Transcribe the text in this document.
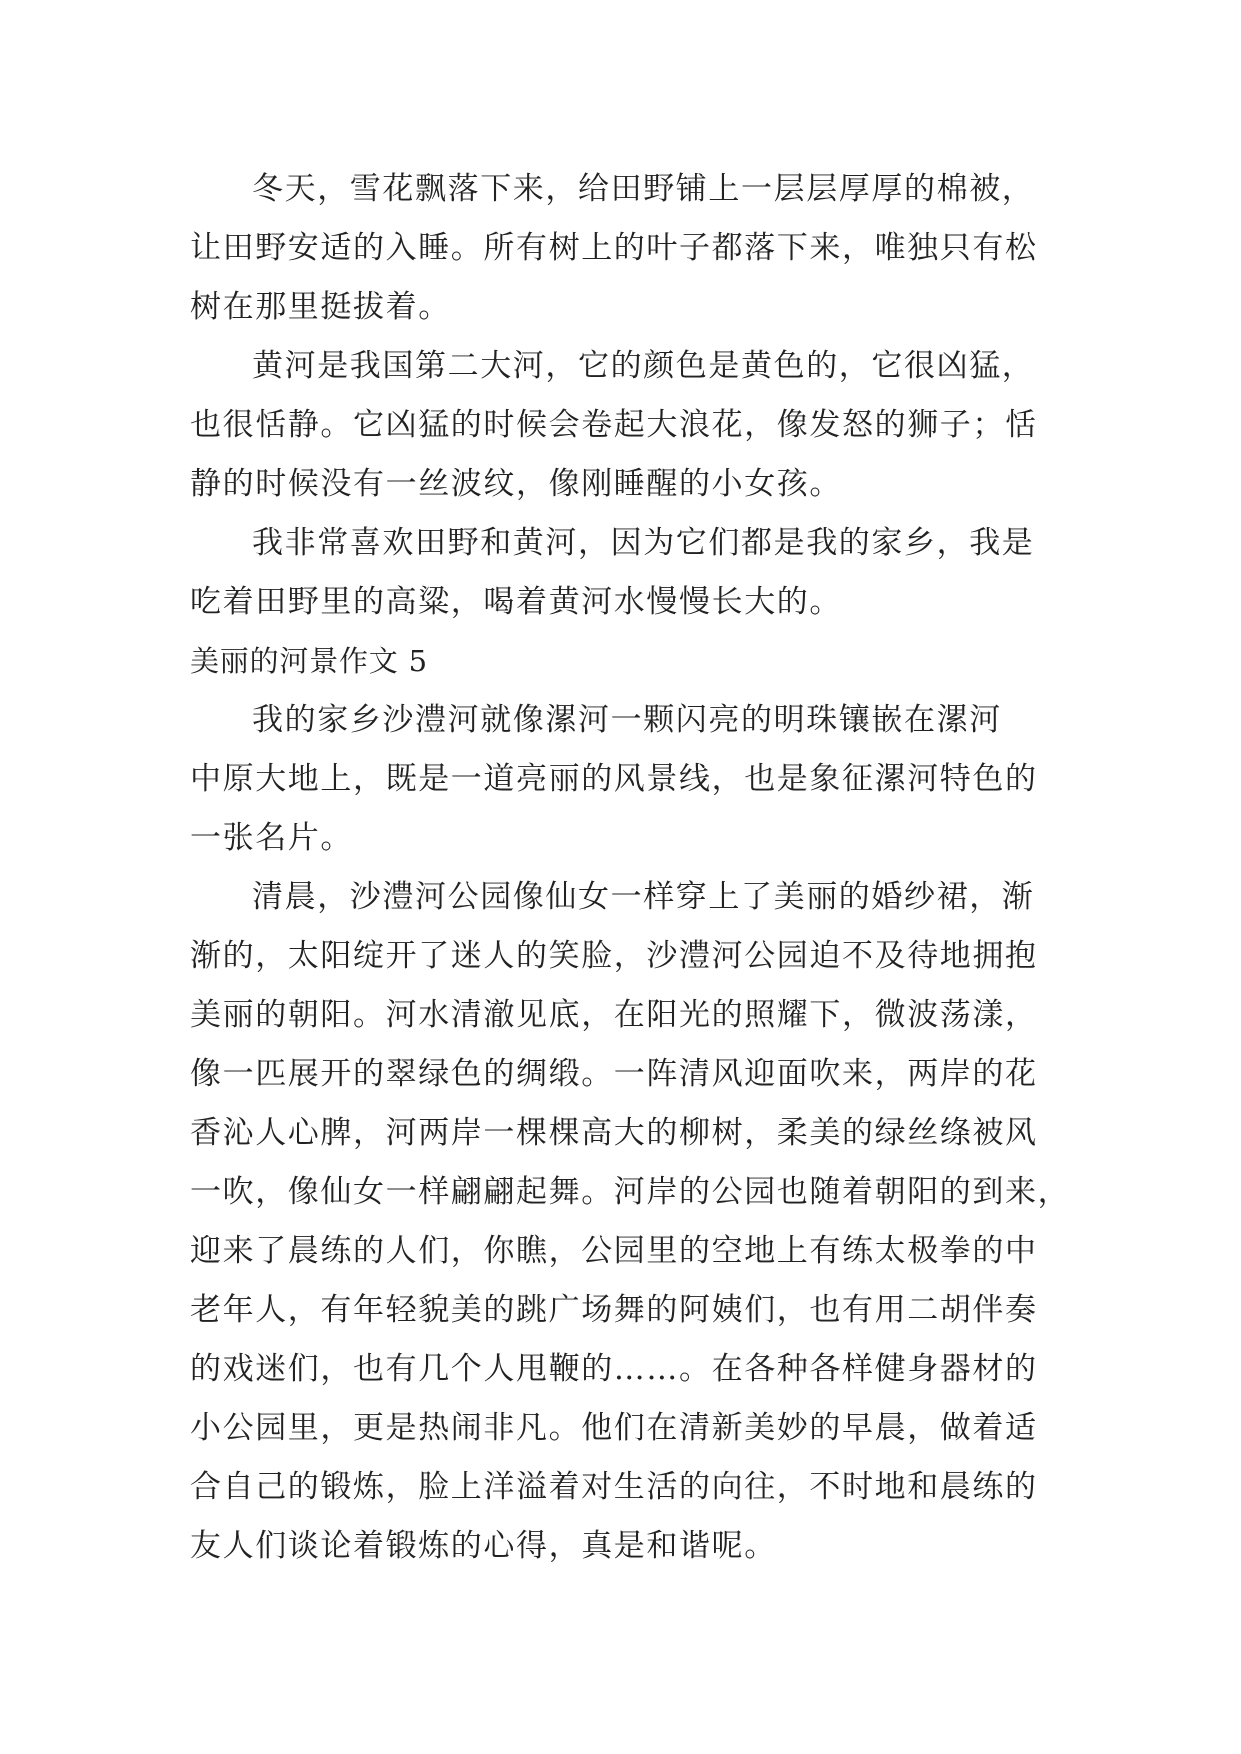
冬天，雪花飘落下来，给田野铺上一层层厚厚的棉被，
让田野安适的入睡。所有树上的叶子都落下来，唯独只有松
树在那里挺拔着。

黄河是我国第二大河，它的颜色是黄色的，它很凶猛，
也很恬静。它凶猛的时候会卷起大浪花，像发怒的狮子；恬
静的时候没有一丝波纹，像刚睡醒的小女孩。

我非常喜欢田野和黄河，因为它们都是我的家乡，我是
吃着田野里的高粱，喝着黄河水慢慢长大的。

美丽的河景作文 5

我的家乡沙澧河就像漯河一颗闪亮的明珠镶嵌在漯河
中原大地上，既是一道亮丽的风景线，也是象征漯河特色的
一张名片。

清晨，沙澧河公园像仙女一样穿上了美丽的婚纱裙，渐
渐的，太阳绽开了迷人的笑脸，沙澧河公园迫不及待地拥抱
美丽的朝阳。河水清澈见底，在阳光的照耀下，微波荡漾，
像一匹展开的翠绿色的绸缎。一阵清风迎面吹来，两岸的花
香沁人心脾，河两岸一棵棵高大的柳树，柔美的绿丝绦被风
一吹，像仙女一样翩翩起舞。河岸的公园也随着朝阳的到来，
迎来了晨练的人们，你瞧，公园里的空地上有练太极拳的中
老年人，有年轻貌美的跳广场舞的阿姨们，也有用二胡伴奏
的戏迷们，也有几个人甩鞭的……。在各种各样健身器材的
小公园里，更是热闹非凡。他们在清新美妙的早晨，做着适
合自己的锻炼，脸上洋溢着对生活的向往，不时地和晨练的
友人们谈论着锻炼的心得，真是和谐呢。
